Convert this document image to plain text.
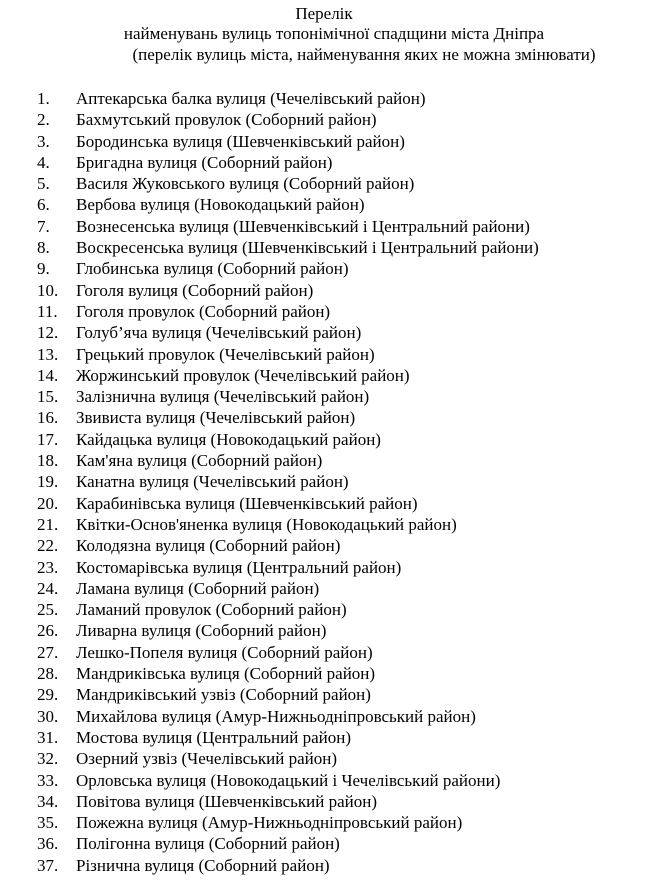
Перелік
найменувань вулиць топонімічної спадщини міста Дніпра
(перелік вулиць міста, найменування яких не можна змінювати)
1. Аптекарська балка вулиця (Чечелівський район)
2. Бахмутський провулок (Соборний район)
3. Бородинська вулиця (Шевченківський район)
4. Бригадна вулиця (Соборний район)
5. Василя Жуковського вулиця (Соборний район)
6. Вербова вулиця (Новокодацький район)
7. Вознесенська вулиця (Шевченківський і Центральний райони)
8. Воскресенська вулиця (Шевченківський і Центральний райони)
9. Глобинська вулиця (Соборний район)
10. Гоголя вулиця (Соборний район)
11. Гоголя провулок (Соборний район)
12. Голуб’яча вулиця (Чечелівський район)
13. Грецький провулок (Чечелівський район)
14. Жоржинський провулок (Чечелівський район)
15. Залізнична вулиця (Чечелівський район)
16. Звивиста вулиця (Чечелівський район)
17. Кайдацька вулиця (Новокодацький район)
18. Кам'яна вулиця (Соборний район)
19. Канатна вулиця (Чечелівський район)
20. Карабинівська вулиця (Шевченківський район)
21. Квітки-Основ'яненка вулиця (Новокодацький район)
22. Колодязна вулиця (Соборний район)
23. Костомарівська вулиця (Центральний район)
24. Ламана вулиця (Соборний район)
25. Ламаний провулок (Соборний район)
26. Ливарна вулиця (Соборний район)
27. Лешко-Попеля вулиця (Соборний район)
28. Мандриківська вулиця (Соборний район)
29. Мандриківський узвіз (Соборний район)
30. Михайлова вулиця (Амур-Нижньодніпровський район)
31. Мостова вулиця (Центральний район)
32. Озерний узвіз (Чечелівський район)
33. Орловська вулиця (Новокодацький і Чечелівський райони)
34. Повітова вулиця (Шевченківський район)
35. Пожежна вулиця (Амур-Нижньодніпровський район)
36. Полігонна вулиця (Соборний район)
37. Різнична вулиця (Соборний район)
